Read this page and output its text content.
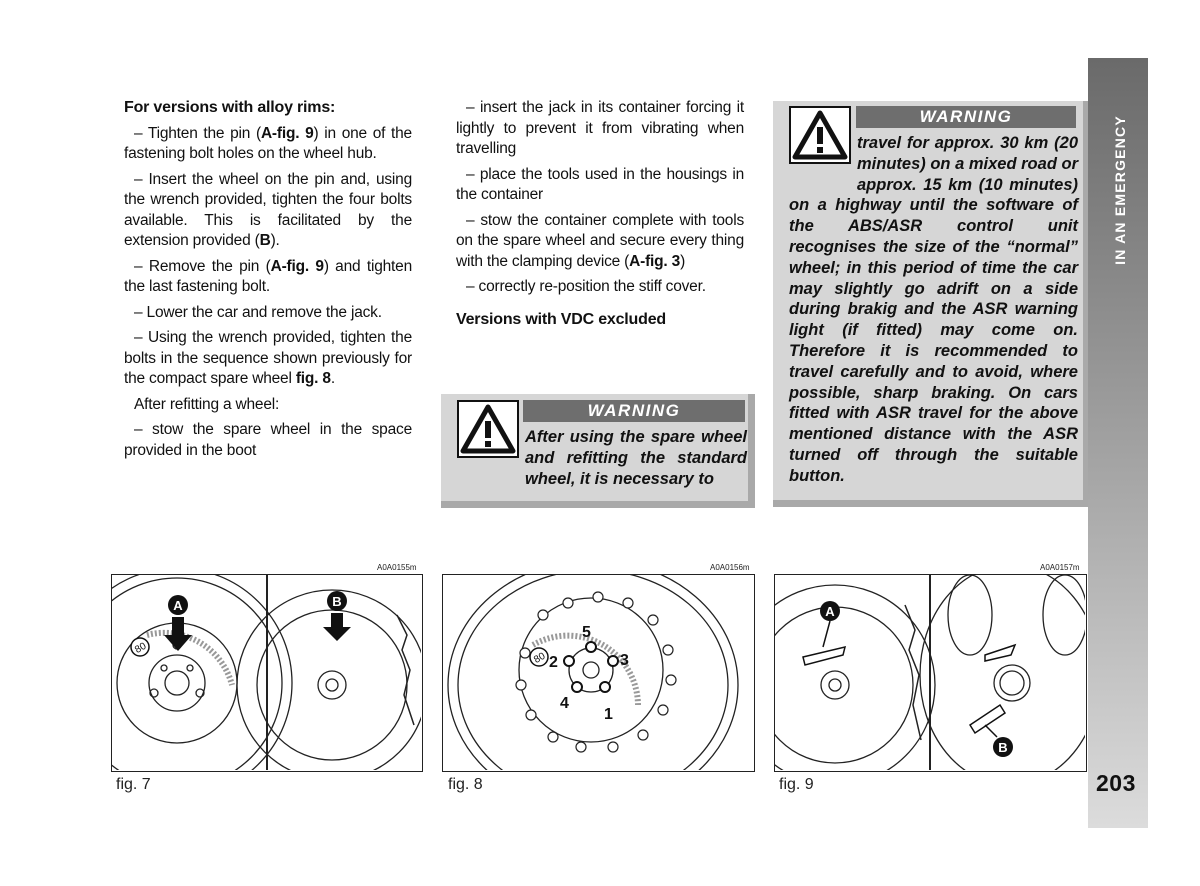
For versions with alloy rims:

– Tighten the pin (A-fig. 9) in one of the fastening bolt holes on the wheel hub.

– Insert the wheel on the pin and, using the wrench provided, tighten the four bolts available. This is facilitated by the extension provided (B).

– Remove the pin (A-fig. 9) and tighten the last fastening bolt.

– Lower the car and remove the jack.

– Using the wrench provided, tighten the bolts in the sequence shown previously for the compact spare wheel fig. 8.

After refitting a wheel:

– stow the spare wheel in the space provided in the boot

– insert the jack in its container forcing it lightly to prevent it from vibrating when travelling

– place the tools used in the housings in the container

– stow the container complete with tools on the spare wheel and secure every thing with the clamping device (A-fig. 3)

– correctly re-position the stiff cover.

Versions with VDC excluded

WARNING
After using the spare wheel and refitting the standard wheel, it is necessary to
WARNING
travel for approx. 30 km (20 minutes) on a mixed road or approx. 15 km (10 minutes) on a highway until the software of the ABS/ASR control unit recognises the size of the “normal” wheel; in this period of time the car may slightly go adrift on a side during brakig and the ASR warning light (if fitted) may come on. Therefore it is recommended to travel carefully and to avoid, where possible, sharp braking. On cars fitted with ASR travel for the above mentioned distance with the ASR turned off through the suitable button.
IN AN EMERGENCY
203
A0A0155m	A0A0156m	A0A0157m
A
80
B
1
2	3
4
5
80
A
B
fig. 7	fig. 8	fig. 9
